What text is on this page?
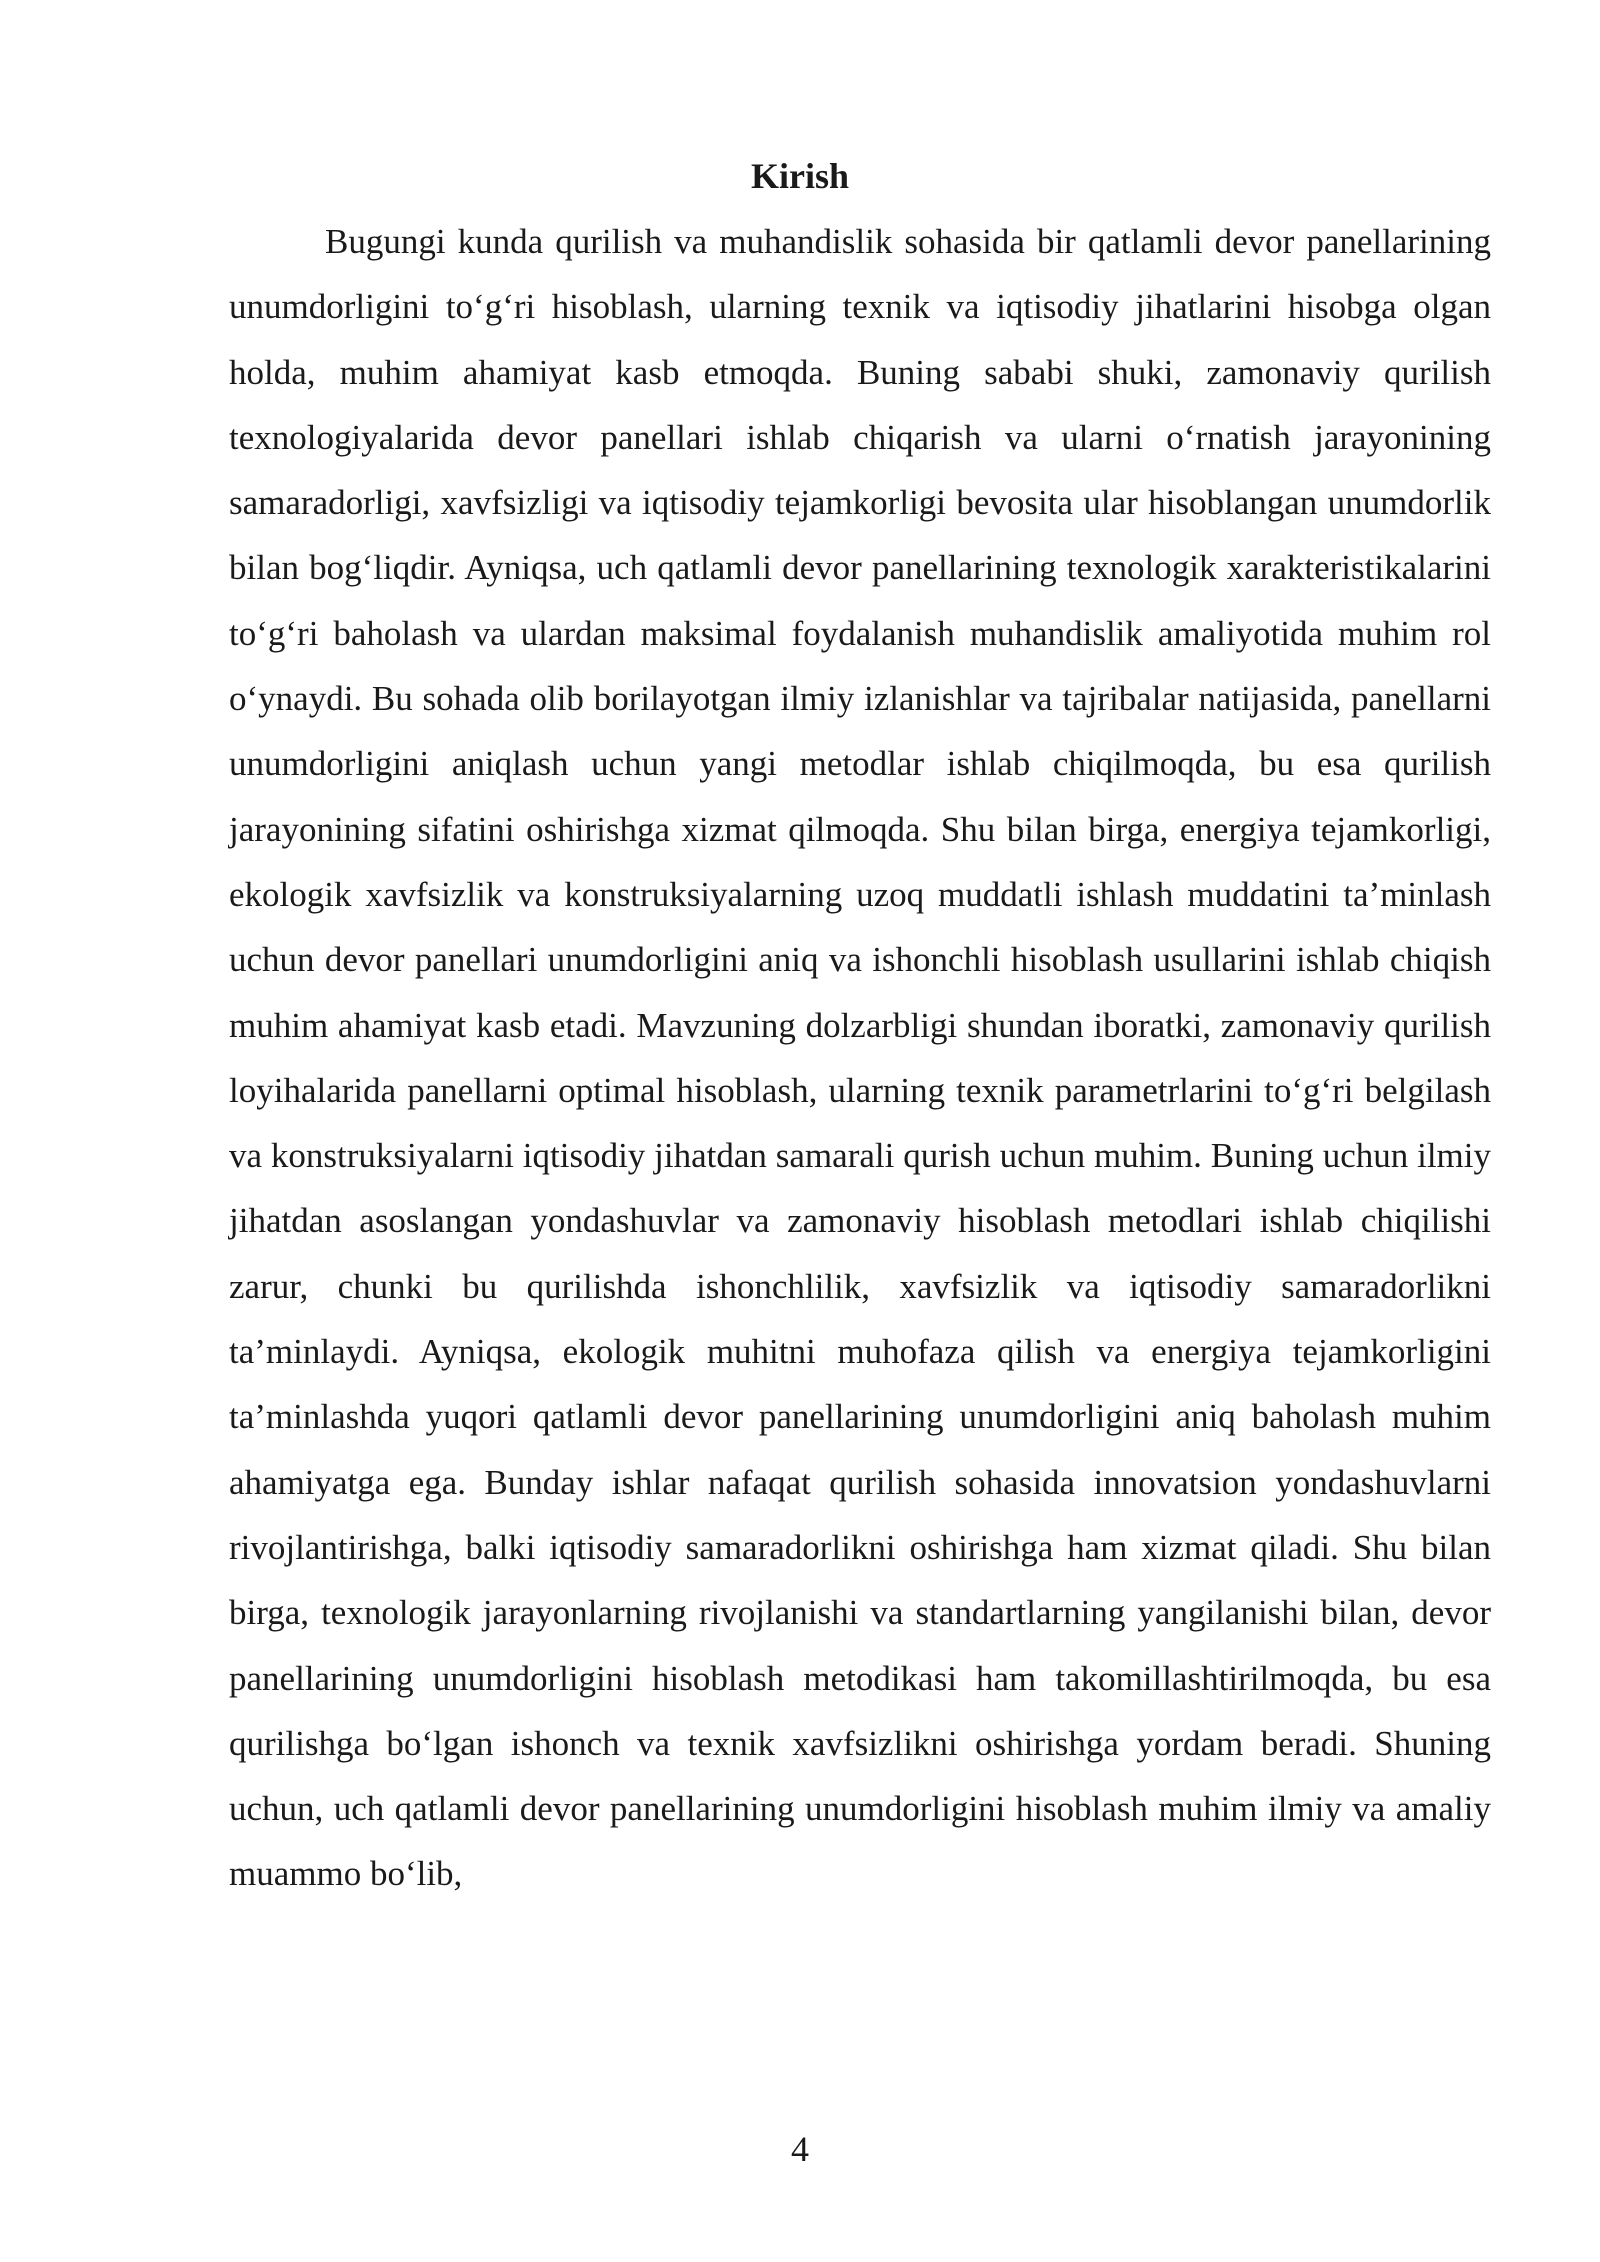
Kirish

Bugungi kunda qurilish va muhandislik sohasida bir qatlamli devor panellarining unumdorligini to‘g‘ri hisoblash, ularning texnik va iqtisodiy jihatlarini hisobga olgan holda, muhim ahamiyat kasb etmoqda. Buning sababi shuki, zamonaviy qurilish texnologiyalarida devor panellari ishlab chiqarish va ularni o‘rnatish jarayonining samaradorligi, xavfsizligi va iqtisodiy tejamkorligi bevosita ular hisoblangan unumdorlik bilan bog‘liqdir. Ayniqsa, uch qatlamli devor panellarining texnologik xarakteristikalarini to‘g‘ri baholash va ulardan maksimal foydalanish muhandislik amaliyotida muhim rol o‘ynaydi. Bu sohada olib borilayotgan ilmiy izlanishlar va tajribalar natijasida, panellarni unumdorligini aniqlash uchun yangi metodlar ishlab chiqilmoqda, bu esa qurilish jarayonining sifatini oshirishga xizmat qilmoqda. Shu bilan birga, energiya tejamkorligi, ekologik xavfsizlik va konstruksiyalarning uzoq muddatli ishlash muddatini ta’minlash uchun devor panellari unumdorligini aniq va ishonchli hisoblash usullarini ishlab chiqish muhim ahamiyat kasb etadi. Mavzuning dolzarbligi shundan iboratki, zamonaviy qurilish loyihalarida panellarni optimal hisoblash, ularning texnik parametrlarini to‘g‘ri belgilash va konstruksiyalarni iqtisodiy jihatdan samarali qurish uchun muhim. Buning uchun ilmiy jihatdan asoslangan yondashuvlar va zamonaviy hisoblash metodlari ishlab chiqilishi zarur, chunki bu qurilishda ishonchlilik, xavfsizlik va iqtisodiy samaradorlikni ta’minlaydi. Ayniqsa, ekologik muhitni muhofaza qilish va energiya tejamkorligini ta’minlashda yuqori qatlamli devor panellarining unumdorligini aniq baholash muhim ahamiyatga ega. Bunday ishlar nafaqat qurilish sohasida innovatsion yondashuvlarni rivojlantirishga, balki iqtisodiy samaradorlikni oshirishga ham xizmat qiladi. Shu bilan birga, texnologik jarayonlarning rivojlanishi va standartlarning yangilanishi bilan, devor panellarining unumdorligini hisoblash metodikasi ham takomillashtirilmoqda, bu esa qurilishga bo‘lgan ishonch va texnik xavfsizlikni oshirishga yordam beradi. Shuning uchun, uch qatlamli devor panellarining unumdorligini hisoblash muhim ilmiy va amaliy muammo bo‘lib,

4
